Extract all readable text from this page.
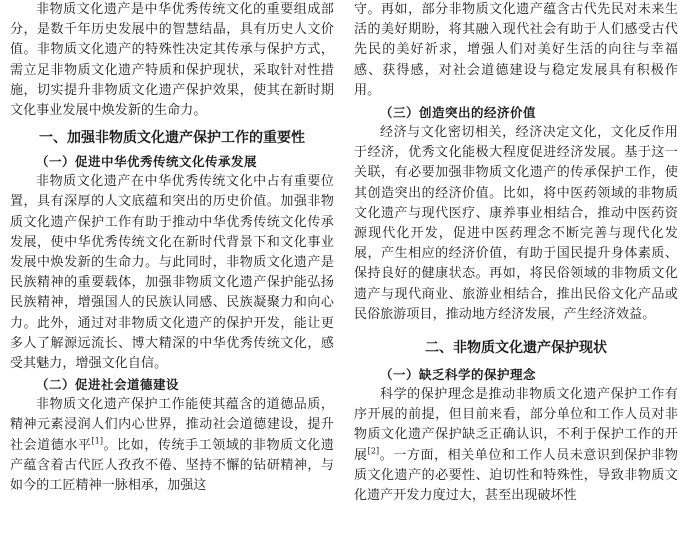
非物质文化遗产是中华优秀传统文化的重要组成部分，是数千年历史发展中的智慧结晶，具有历史人文价值。非物质文化遗产的特殊性决定其传承与保护方式，需立足非物质文化遗产特质和保护现状，采取针对性措施，切实提升非物质文化遗产保护效果，使其在新时期文化事业发展中焕发新的生命力。

一、加强非物质文化遗产保护工作的重要性
（一）促进中华优秀传统文化传承发展

非物质文化遗产在中华优秀传统文化中占有重要位置，具有深厚的人文底蕴和突出的历史价值。加强非物质文化遗产保护工作有助于推动中华优秀传统文化传承发展，使中华优秀传统文化在新时代背景下和文化事业发展中焕发新的生命力。与此同时，非物质文化遗产是民族精神的重要载体，加强非物质文化遗产保护能弘扬民族精神，增强国人的民族认同感、民族凝聚力和向心力。此外，通过对非物质文化遗产的保护开发，能让更多人了解源远流长、博大精深的中华优秀传统文化，感受其魅力，增强文化自信。

（二）促进社会道德建设

非物质文化遗产保护工作能使其蕴含的道德品质，精神元素浸润人们内心世界，推动社会道德建设，提升社会道德水平[1]。比如，传统手工领域的非物质文化遗产蕴含着古代匠人孜孜不倦、坚持不懈的钻研精神，与如今的工匠精神一脉相承，加强这

守。再如，部分非物质文化遗产蕴含古代先民对未来生活的美好期盼，将其融入现代社会有助于人们感受古代先民的美好祈求，增强人们对美好生活的向往与幸福感、获得感，对社会道德建设与稳定发展具有积极作用。

（三）创造突出的经济价值

经济与文化密切相关，经济决定文化，文化反作用于经济，优秀文化能极大程度促进经济发展。基于这一关联，有必要加强非物质文化遗产的传承保护工作，使其创造突出的经济价值。比如，将中医药领域的非物质文化遗产与现代医疗、康养事业相结合，推动中医药资源现代化开发，促进中医药理念不断完善与现代化发展，产生相应的经济价值，有助于国民提升身体素质、保持良好的健康状态。再如，将民俗领域的非物质文化遗产与现代商业、旅游业相结合，推出民俗文化产品或民俗旅游项目，推动地方经济发展，产生经济效益。

二、非物质文化遗产保护现状
（一）缺乏科学的保护理念

科学的保护理念是推动非物质文化遗产保护工作有序开展的前提，但目前来看，部分单位和工作人员对非物质文化遗产保护缺乏正确认识，不利于保护工作的开展[2]。一方面，相关单位和工作人员未意识到保护非物质文化遗产的必要性、迫切性和特殊性，导致非物质文化遗产开发力度过大，甚至出现破坏性
